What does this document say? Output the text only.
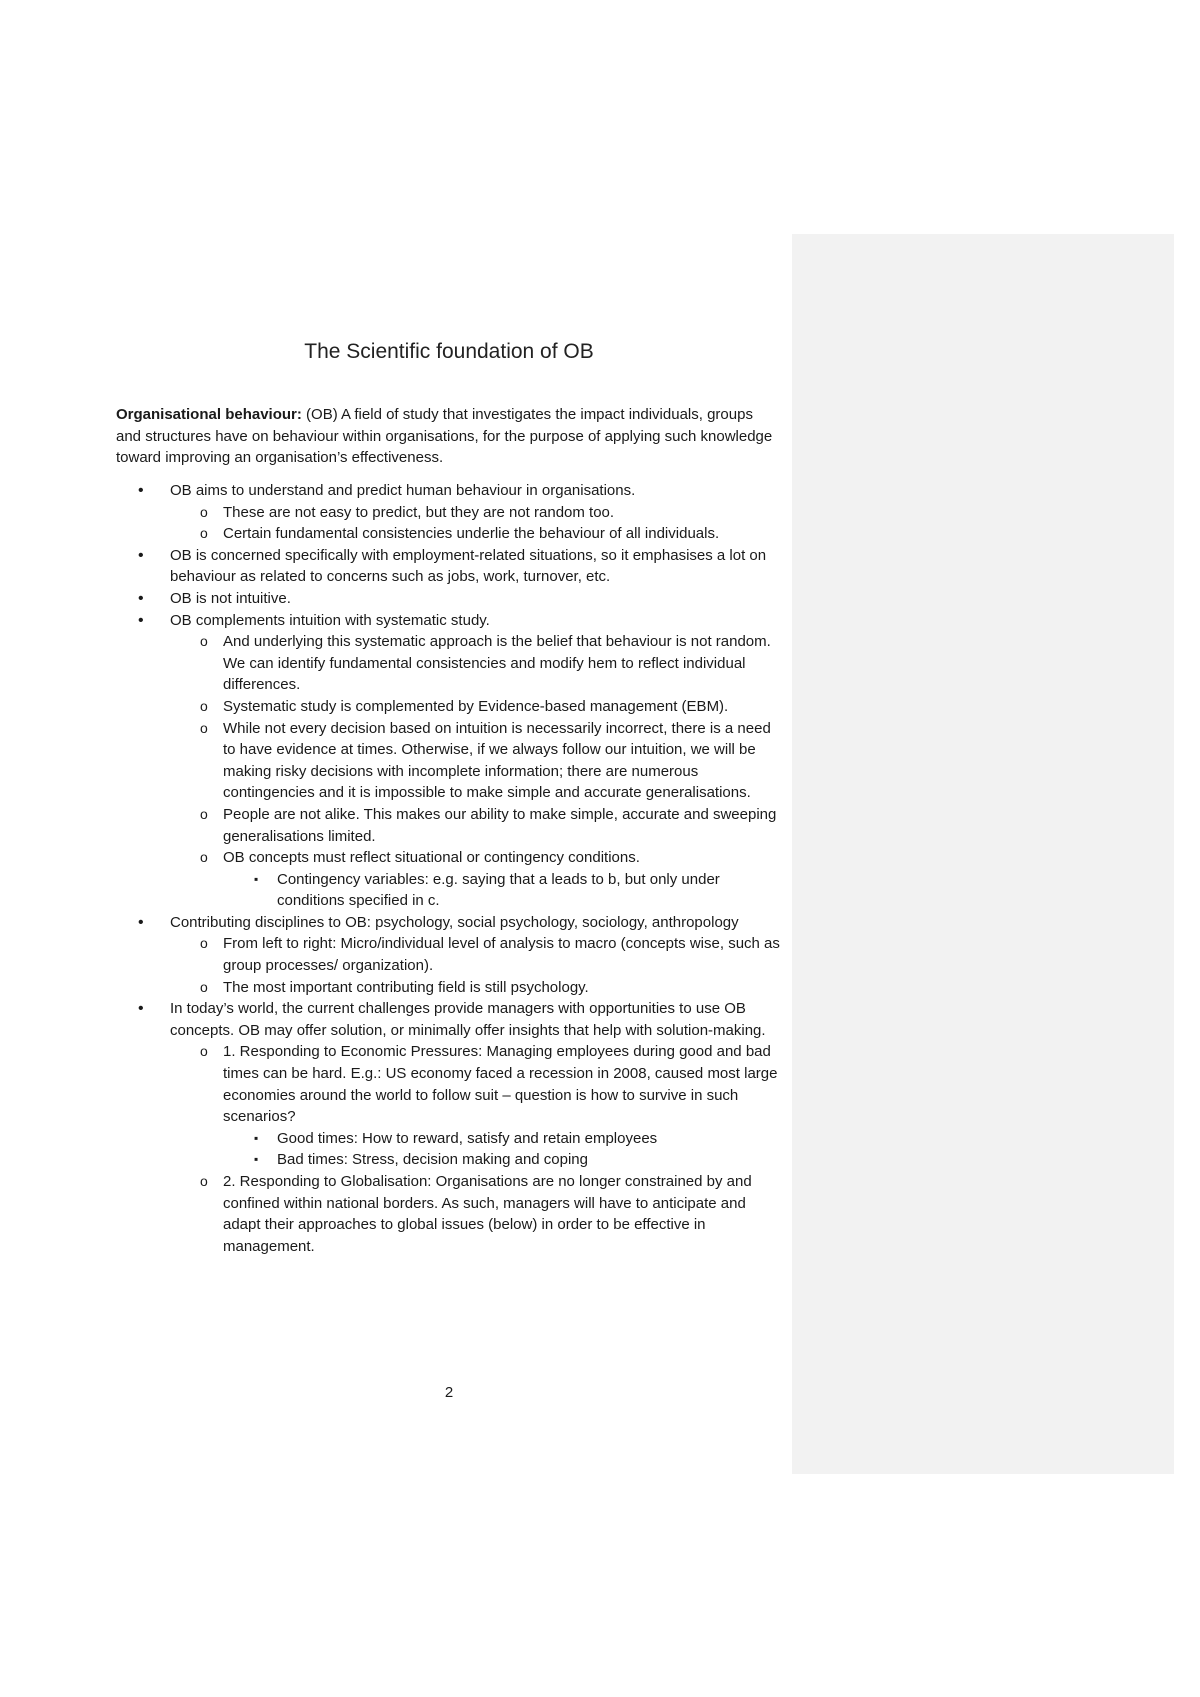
The Scientific foundation of OB

Organisational behaviour: (OB) A field of study that investigates the impact individuals, groups and structures have on behaviour within organisations, for the purpose of applying such knowledge toward improving an organisation’s effectiveness.

• OB aims to understand and predict human behaviour in organisations.
o These are not easy to predict, but they are not random too.
o Certain fundamental consistencies underlie the behaviour of all individuals.
• OB is concerned specifically with employment-related situations, so it emphasises a lot on behaviour as related to concerns such as jobs, work, turnover, etc.
• OB is not intuitive.
• OB complements intuition with systematic study.
o And underlying this systematic approach is the belief that behaviour is not random. We can identify fundamental consistencies and modify hem to reflect individual differences.
o Systematic study is complemented by Evidence-based management (EBM).
o While not every decision based on intuition is necessarily incorrect, there is a need to have evidence at times. Otherwise, if we always follow our intuition, we will be making risky decisions with incomplete information; there are numerous contingencies and it is impossible to make simple and accurate generalisations.
o People are not alike. This makes our ability to make simple, accurate and sweeping generalisations limited.
o OB concepts must reflect situational or contingency conditions.
▪ Contingency variables: e.g. saying that a leads to b, but only under conditions specified in c.
• Contributing disciplines to OB: psychology, social psychology, sociology, anthropology
o From left to right: Micro/individual level of analysis to macro (concepts wise, such as group processes/ organization).
o The most important contributing field is still psychology.
• In today’s world, the current challenges provide managers with opportunities to use OB concepts. OB may offer solution, or minimally offer insights that help with solution-making.
o 1. Responding to Economic Pressures: Managing employees during good and bad times can be hard. E.g.: US economy faced a recession in 2008, caused most large economies around the world to follow suit – question is how to survive in such scenarios?
▪ Good times: How to reward, satisfy and retain employees
▪ Bad times: Stress, decision making and coping
o 2. Responding to Globalisation: Organisations are no longer constrained by and confined within national borders. As such, managers will have to anticipate and adapt their approaches to global issues (below) in order to be effective in management.
2
